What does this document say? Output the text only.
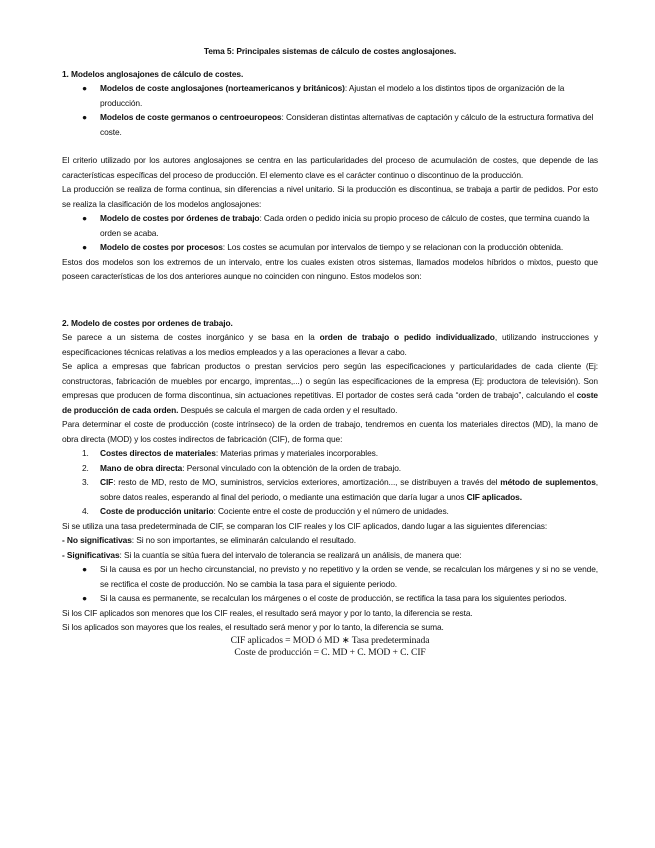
Tema 5: Principales sistemas de cálculo de costes anglosajones.

1. Modelos anglosajones de cálculo de costes.

● Modelos de coste anglosajones (norteamericanos y británicos): Ajustan el modelo a los distintos tipos de organización de la producción.
● Modelos de coste germanos o centroeuropeos: Consideran distintas alternativas de captación y cálculo de la estructura formativa del coste.

El criterio utilizado por los autores anglosajones se centra en las particularidades del proceso de acumulación de costes, que depende de las características específicas del proceso de producción. El elemento clave es el carácter continuo o discontinuo de la producción.

La producción se realiza de forma continua, sin diferencias a nivel unitario. Si la producción es discontinua, se trabaja a partir de pedidos. Por esto se realiza la clasificación de los modelos anglosajones:

● Modelo de costes por órdenes de trabajo: Cada orden o pedido inicia su propio proceso de cálculo de costes, que termina cuando la orden se acaba.
● Modelo de costes por procesos: Los costes se acumulan por intervalos de tiempo y se relacionan con la producción obtenida.

Estos dos modelos son los extremos de un intervalo, entre los cuales existen otros sistemas, llamados modelos híbridos o mixtos, puesto que poseen características de los dos anteriores aunque no coinciden con ninguno. Estos modelos son:

2. Modelo de costes por ordenes de trabajo.

Se parece a un sistema de costes inorgánico y se basa en la orden de trabajo o pedido individualizado, utilizando instrucciones y especificaciones técnicas relativas a los medios empleados y a las operaciones a llevar a cabo.

Se aplica a empresas que fabrican productos o prestan servicios pero según las especificaciones y particularidades de cada cliente (Ej: constructoras, fabricación de muebles por encargo, imprentas,...) o según las especificaciones de la empresa (Ej: productora de televisión). Son empresas que producen de forma discontinua, sin actuaciones repetitivas. El portador de costes será cada “orden de trabajo”, calculando el coste de producción de cada orden. Después se calcula el margen de cada orden y el resultado.

Para determinar el coste de producción (coste intrínseco) de la orden de trabajo, tendremos en cuenta los materiales directos (MD), la mano de obra directa (MOD) y los costes indirectos de fabricación (CIF), de forma que:

1. Costes directos de materiales: Materias primas y materiales incorporables.
2. Mano de obra directa: Personal vinculado con la obtención de la orden de trabajo.
3. CIF: resto de MD, resto de MO, suministros, servicios exteriores, amortización..., se distribuyen a través del método de suplementos, sobre datos reales, esperando al final del periodo, o mediante una estimación que daría lugar a unos CIF aplicados.
4. Coste de producción unitario: Cociente entre el coste de producción y el número de unidades.

Si se utiliza una tasa predeterminada de CIF, se comparan los CIF reales y los CIF aplicados, dando lugar a las siguientes diferencias:

- No significativas: Si no son importantes, se eliminarán calculando el resultado.

- Significativas: Si la cuantía se sitúa fuera del intervalo de tolerancia se realizará un análisis, de manera que:

● Si la causa es por un hecho circunstancial, no previsto y no repetitivo y la orden se vende, se recalculan los márgenes y si no se vende, se rectifica el coste de producción. No se cambia la tasa para el siguiente periodo.
● Si la causa es permanente, se recalculan los márgenes o el coste de producción, se rectifica la tasa para los siguientes periodos.

Si los CIF aplicados son menores que los CIF reales, el resultado será mayor y por lo tanto, la diferencia se resta.

Si los aplicados son mayores que los reales, el resultado será menor y por lo tanto, la diferencia se suma.

CIF aplicados = MOD ó MD ∗ Tasa predeterminada

Coste de producción = C. MD + C. MOD + C. CIF
